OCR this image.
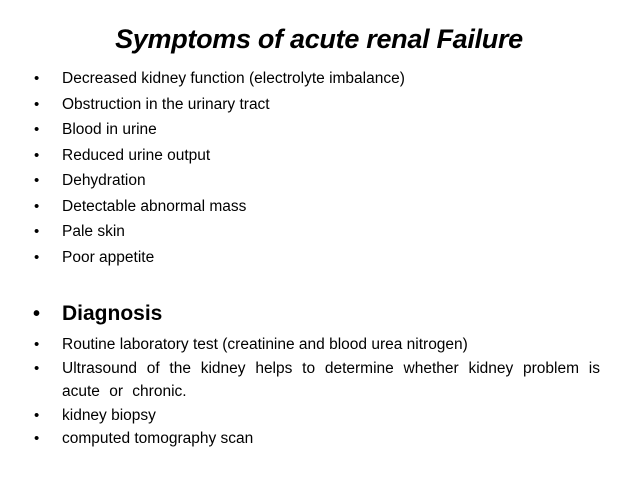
Symptoms of acute renal Failure
• Decreased kidney function (electrolyte imbalance)
• Obstruction in the urinary tract
• Blood in urine
• Reduced urine output
• Dehydration
• Detectable abnormal mass
• Pale skin
• Poor appetite
• Diagnosis
• Routine laboratory test (creatinine and blood urea nitrogen)
• Ultrasound of the kidney helps to determine whether kidney problem is acute or chronic.
• kidney biopsy
• computed tomography scan
